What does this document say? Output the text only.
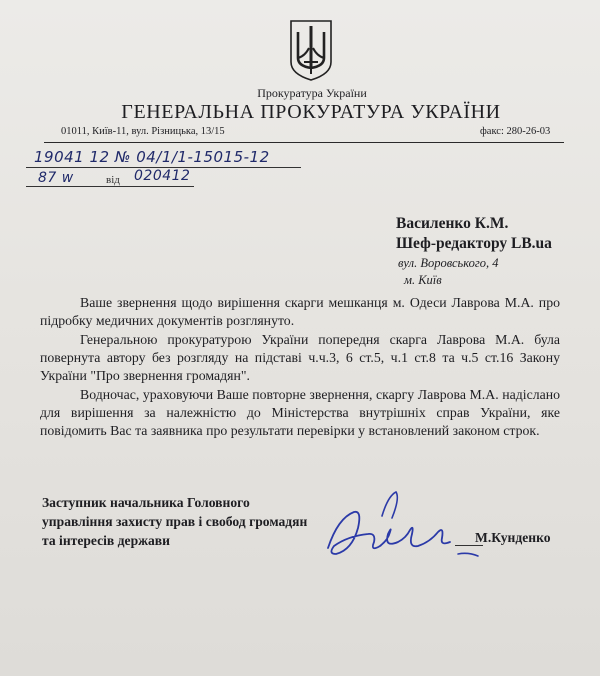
Прокуратура України
ГЕНЕРАЛЬНА ПРОКУРАТУРА УКРАЇНИ
01011, Київ-11, вул. Різницька, 13/15	факс: 280-26-03
19041 12 № 04/1/1-15015-12
87 w	від 020412
Василенко К.М.
Шеф-редактору LB.ua
вул. Воровського, 4
м. Київ

Ваше звернення щодо вирішення скарги мешканця м. Одеси Лаврова М.А. про підробку медичних документів розглянуто.

Генеральною прокуратурою України попередня скарга Лаврова М.А. була повернута автору без розгляду на підставі ч.ч.3, 6 ст.5, ч.1 ст.8 та ч.5 ст.16 Закону України "Про звернення громадян".

Водночас, ураховуючи Ваше повторне звернення, скаргу Лаврова М.А. надіслано для вирішення за належністю до Міністерства внутрішніх справ України, яке повідомить Вас та заявника про результати перевірки у встановлений законом строк.

Заступник начальника Головного
управління захисту прав і свобод громадян
та інтересів держави	М.Кунденко
